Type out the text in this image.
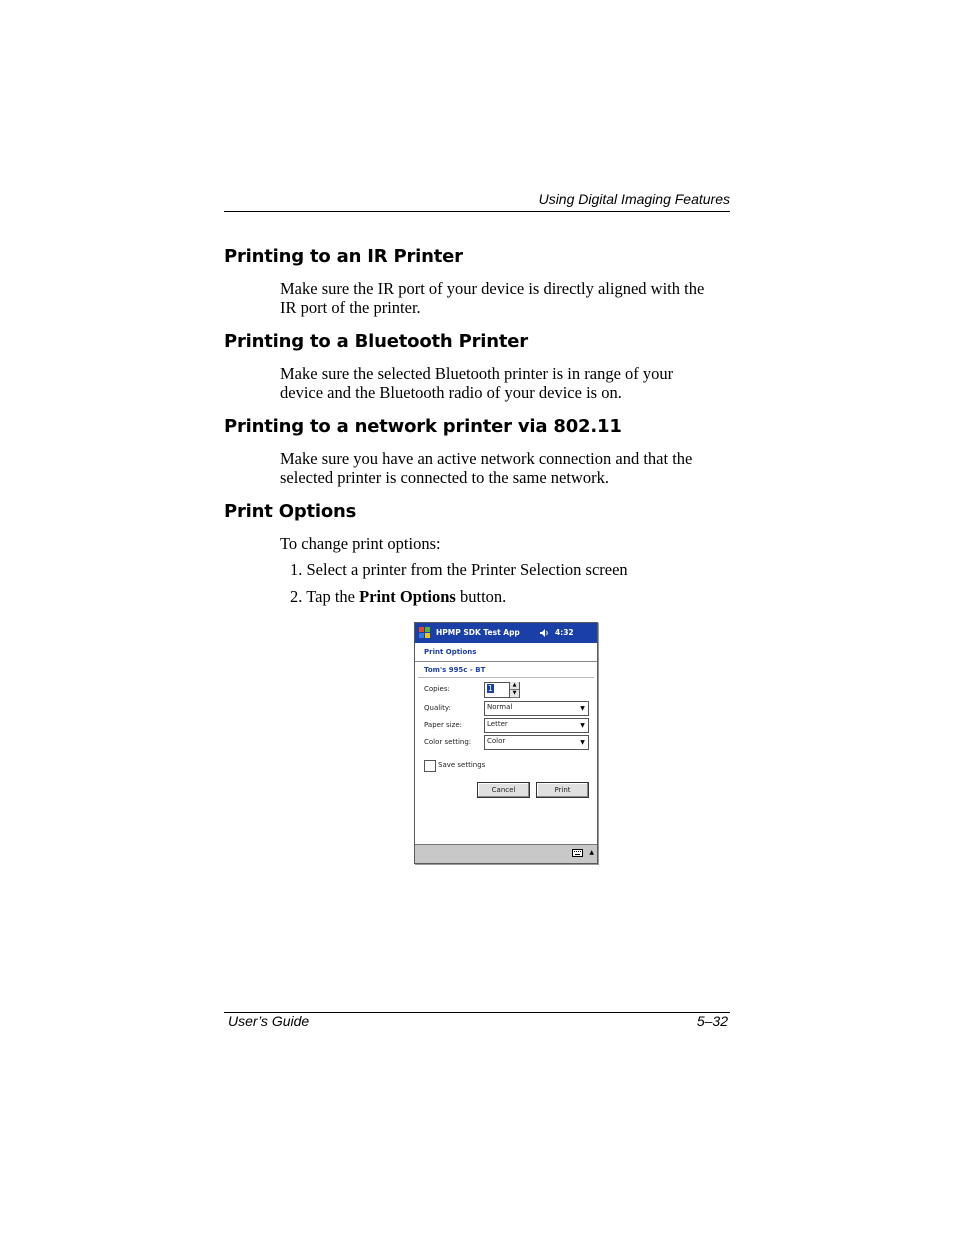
Using Digital Imaging Features
Printing to an IR Printer

Make sure the IR port of your device is directly aligned with the
IR port of the printer.

Printing to a Bluetooth Printer

Make sure the selected Bluetooth printer is in range of your
device and the Bluetooth radio of your device is on.

Printing to a network printer via 802.11

Make sure you have an active network connection and that the
selected printer is connected to the same network.

Print Options

To change print options:

1. Select a printer from the Printer Selection screen

2. Tap the Print Options button.

HPMP SDK Test App	4:32
Print Options
Tom's 995c - BT
Copies:	1	▲
▼
Quality:	Normal	▼
Paper size:	Letter	▼
Color setting: Color	▼
Save settings
Cancel	Print
▲
User’s Guide	5–32
